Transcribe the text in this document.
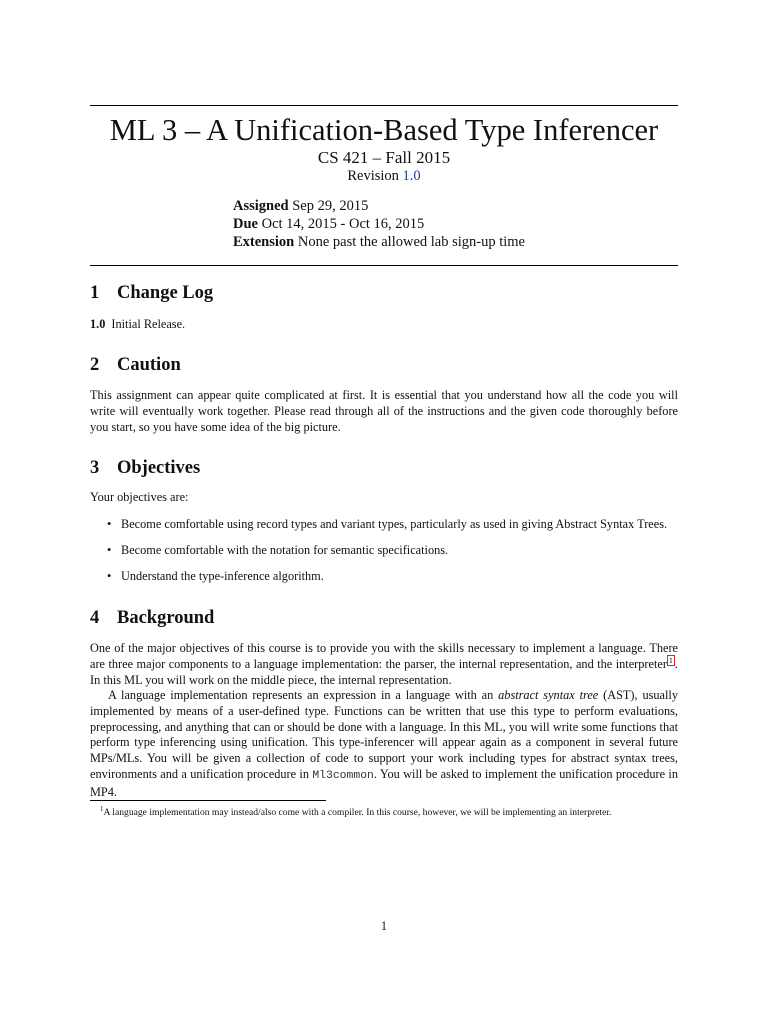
ML 3 – A Unification-Based Type Inferencer
CS 421 – Fall 2015
Revision 1.0
Assigned Sep 29, 2015
Due Oct 14, 2015 - Oct 16, 2015
Extension None past the allowed lab sign-up time
1 Change Log
1.0 Initial Release.
2 Caution
This assignment can appear quite complicated at first. It is essential that you understand how all the code you will write will eventually work together. Please read through all of the instructions and the given code thoroughly before you start, so you have some idea of the big picture.
3 Objectives
Your objectives are:
• Become comfortable using record types and variant types, particularly as used in giving Abstract Syntax Trees.
• Become comfortable with the notation for semantic specifications.
• Understand the type-inference algorithm.
4 Background
One of the major objectives of this course is to provide you with the skills necessary to implement a language. There are three major components to a language implementation: the parser, the internal representation, and the interpreter $^1$ . In this ML you will work on the middle piece, the internal representation.
A language implementation represents an expression in a language with an abstract syntax tree (AST), usually implemented by means of a user-defined type. Functions can be written that use this type to perform evaluations, preprocessing, and anything that can or should be done with a language. In this ML, you will write some functions that perform type inferencing using unification. This type-inferencer will appear again as a component in several future MPs/MLs. You will be given a collection of code to support your work including types for abstract syntax trees, environments and a unification procedure in Ml3common. You will be asked to implement the unification procedure in MP4.
$^1$A language implementation may instead/also come with a compiler. In this course, however, we will be implementing an interpreter.
1
